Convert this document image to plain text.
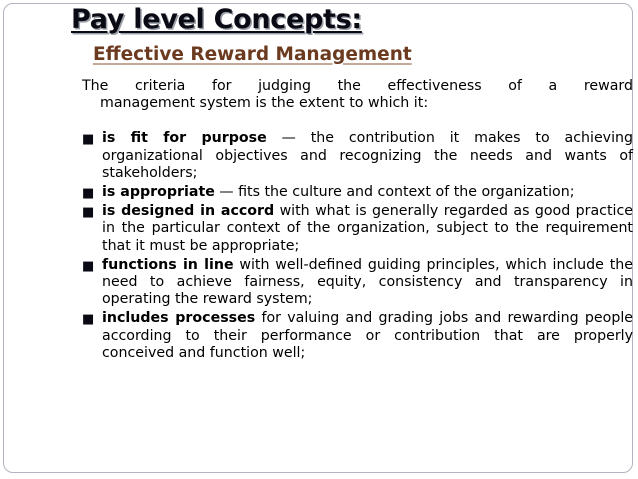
Pay level Concepts:
Effective Reward Management

The criteria for judging the effectiveness of a reward

management system is the extent to which it:

■ is fit for purpose — the contribution it makes to achieving organizational objectives and recognizing the needs and wants of stakeholders;
■ is appropriate — fits the culture and context of the organization;
■ is designed in accord with what is generally regarded as good practice in the particular context of the organization, subject to the requirement that it must be appropriate;
■ functions in line with well-defined guiding principles, which include the need to achieve fairness, equity, consistency and transparency in operating the reward system;
■ includes processes for valuing and grading jobs and rewarding people according to their performance or contribution that are properly conceived and function well;
